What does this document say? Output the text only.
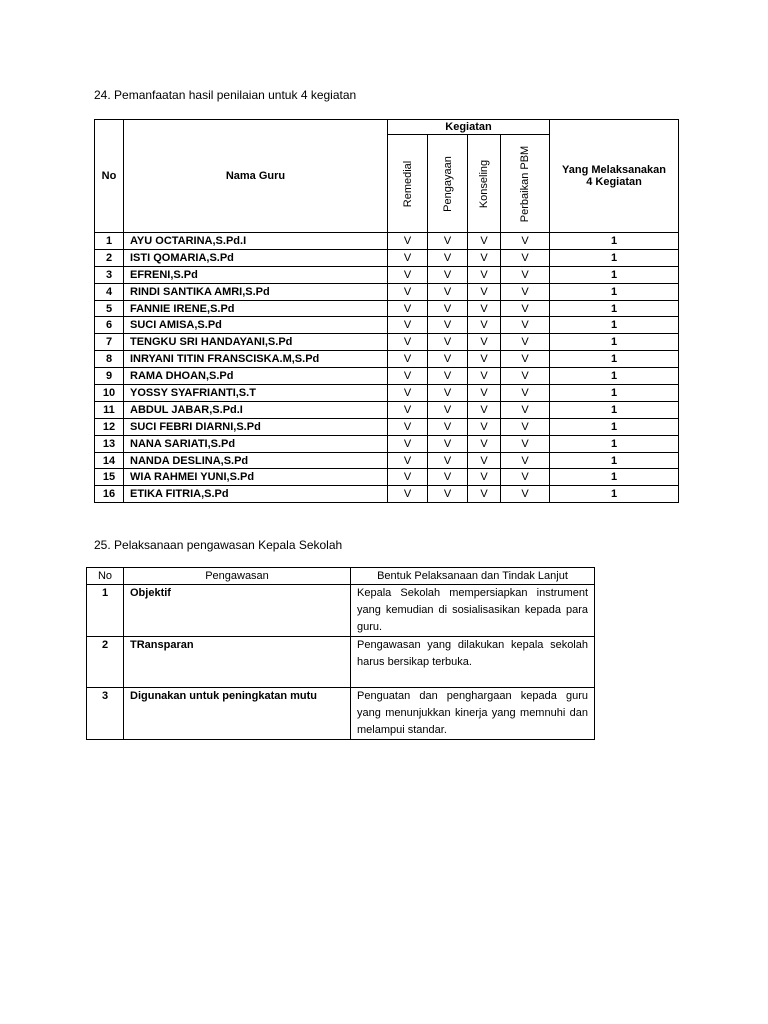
24. Pemanfaatan hasil penilaian untuk 4 kegiatan
No	Nama Guru	Kegiatan				Yang Melaksanakan
4 Kegiatan

		Remedial	Pengayaan	Konseling	Perbaikan PBM	

1	AYU OCTARINA,S.Pd.I	V	V	V	V	1
2	ISTI QOMARIA,S.Pd	V	V	V	V	1
3	EFRENI,S.Pd	V	V	V	V	1
4	RINDI SANTIKA AMRI,S.Pd	V	V	V	V	1
5	FANNIE IRENE,S.Pd	V	V	V	V	1
6	SUCI AMISA,S.Pd	V	V	V	V	1
7	TENGKU SRI HANDAYANI,S.Pd	V	V	V	V	1
8	INRYANI TITIN FRANSCISKA.M,S.Pd	V	V	V	V	1
9	RAMA DHOAN,S.Pd	V	V	V	V	1
10	YOSSY SYAFRIANTI,S.T	V	V	V	V	1
11	ABDUL JABAR,S.Pd.I	V	V	V	V	1
12	SUCI FEBRI DIARNI,S.Pd	V	V	V	V	1
13	NANA SARIATI,S.Pd	V	V	V	V	1
14	NANDA DESLINA,S.Pd	V	V	V	V	1
15	WIA RAHMEI YUNI,S.Pd	V	V	V	V	1
16	ETIKA FITRIA,S.Pd	V	V	V	V	1
25. Pelaksanaan pengawasan Kepala Sekolah
No	Pengawasan	Bentuk Pelaksanaan dan Tindak Lanjut
1	Objektif	Kepala Sekolah mempersiapkan instrument yang kemudian di sosialisasikan kepada para guru.
2	TRansparan	Pengawasan yang dilakukan kepala sekolah harus bersikap terbuka.
3	Digunakan untuk peningkatan mutu	Penguatan dan penghargaan kepada guru yang menunjukkan kinerja yang memnuhi dan melampui standar.
